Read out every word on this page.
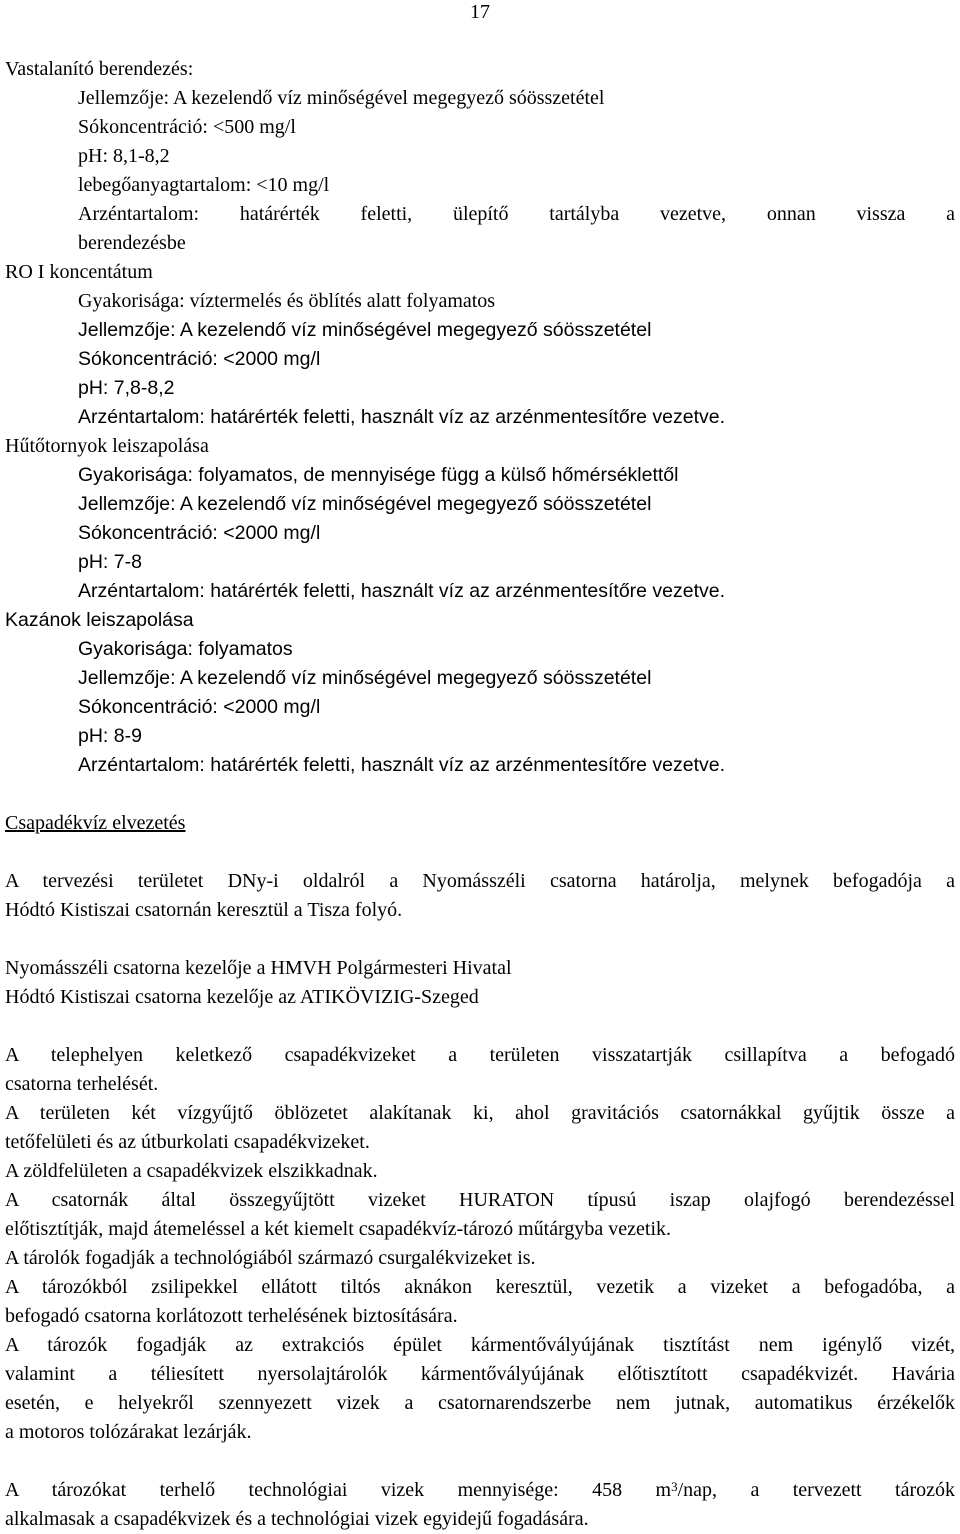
17
Vastalanító berendezés:
Jellemzője: A kezelendő víz minőségével megegyező sóösszetétel
Sókoncentráció: <500 mg/l
pH: 8,1-8,2
lebegőanyagtartalom: <10 mg/l
Arzéntartalom: határérték feletti, ülepítő tartályba vezetve, onnan vissza a
berendezésbe
RO I koncentátum
Gyakorisága: víztermelés és öblítés alatt folyamatos
Jellemzője: A kezelendő víz minőségével megegyező sóösszetétel
Sókoncentráció: <2000 mg/l
pH: 7,8-8,2
Arzéntartalom: határérték feletti, használt víz az arzénmentesítőre vezetve.
Hűtőtornyok leiszapolása
Gyakorisága: folyamatos, de mennyisége függ a külső hőmérséklettől
Jellemzője: A kezelendő víz minőségével megegyező sóösszetétel
Sókoncentráció: <2000 mg/l
pH: 7-8
Arzéntartalom: határérték feletti, használt víz az arzénmentesítőre vezetve.
Kazánok leiszapolása
Gyakorisága: folyamatos
Jellemzője: A kezelendő víz minőségével megegyező sóösszetétel
Sókoncentráció: <2000 mg/l
pH: 8-9
Arzéntartalom: határérték feletti, használt víz az arzénmentesítőre vezetve.
Csapadékvíz elvezetés
A tervezési területet DNy-i oldalról a Nyomásszéli csatorna határolja, melynek befogadója a
Hódtó Kistiszai csatornán keresztül a Tisza folyó.
Nyomásszéli csatorna kezelője a HMVH Polgármesteri Hivatal
Hódtó Kistiszai csatorna kezelője az ATIKÖVIZIG-Szeged
A telephelyen keletkező csapadékvizeket a területen visszatartják csillapítva a befogadó
csatorna terhelését.
A területen két vízgyűjtő öblözetet alakítanak ki, ahol gravitációs csatornákkal gyűjtik össze a
tetőfelületi és az útburkolati csapadékvizeket.
A zöldfelületen a csapadékvizek elszikkadnak.
A csatornák által összegyűjtött vizeket HURATON típusú iszap olajfogó berendezéssel
előtisztítják, majd átemeléssel a két kiemelt csapadékvíz-tározó műtárgyba vezetik.
A tárolók fogadják a technológiából származó csurgalékvizeket is.
A tározókból zsilipekkel ellátott tiltós aknákon keresztül, vezetik a vizeket a befogadóba, a
befogadó csatorna korlátozott terhelésének biztosítására.
A tározók fogadják az extrakciós épület kármentővályújának tisztítást nem igénylő vizét,
valamint a téliesített nyersolajtárolók kármentővályújának előtisztított csapadékvizét. Havária
esetén, e helyekről szennyezett vizek a csatornarendszerbe nem jutnak, automatikus érzékelők
a motoros tolózárakat lezárják.
A tározókat terhelő technológiai vizek mennyisége: 458 $m^3$/nap, a tervezett tározók
alkalmasak a csapadékvizek és a technológiai vizek egyidejű fogadására.
